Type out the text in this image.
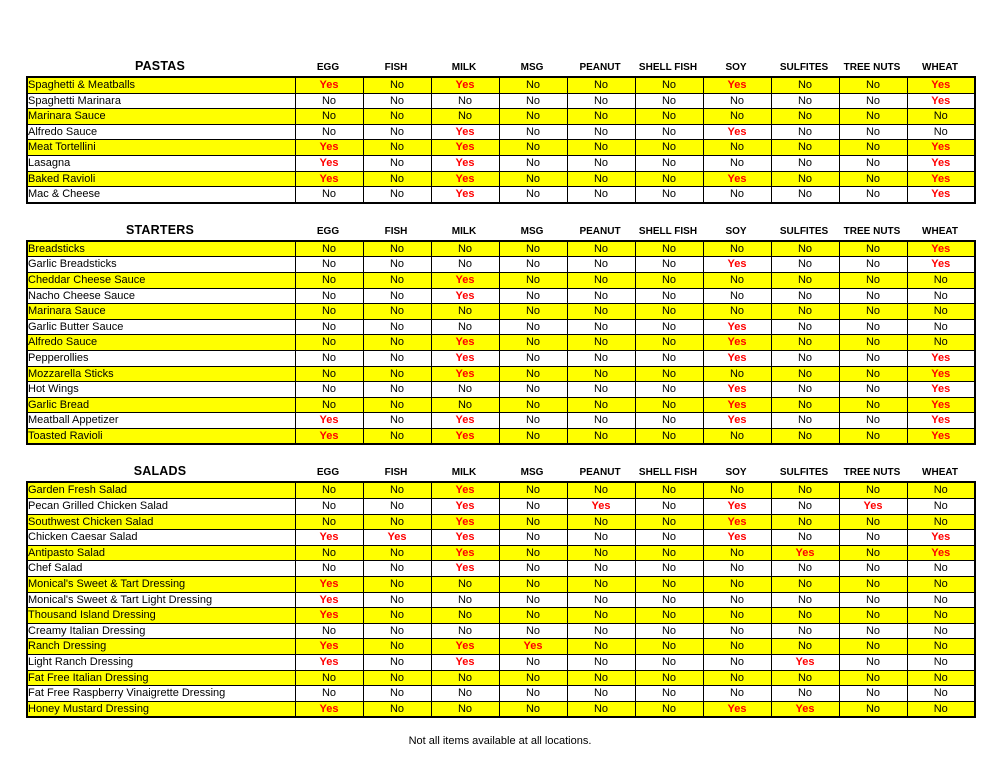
PASTAS	EGG	FISH	MILK	MSG	PEANUT	SHELL FISH	SOY	SULFITES	TREE NUTS	WHEAT
Spaghetti & Meatballs	Yes	No	Yes	No	No	No	Yes	No	No	Yes
Spaghetti Marinara	No	No	No	No	No	No	No	No	No	Yes
Marinara Sauce	No	No	No	No	No	No	No	No	No	No
Alfredo Sauce	No	No	Yes	No	No	No	Yes	No	No	No
Meat Tortellini	Yes	No	Yes	No	No	No	No	No	No	Yes
Lasagna	Yes	No	Yes	No	No	No	No	No	No	Yes
Baked Ravioli	Yes	No	Yes	No	No	No	Yes	No	No	Yes
Mac & Cheese	No	No	Yes	No	No	No	No	No	No	Yes
STARTERS	EGG	FISH	MILK	MSG	PEANUT	SHELL FISH	SOY	SULFITES	TREE NUTS	WHEAT
Breadsticks	No	No	No	No	No	No	No	No	No	Yes
Garlic Breadsticks	No	No	No	No	No	No	Yes	No	No	Yes
Cheddar Cheese Sauce	No	No	Yes	No	No	No	No	No	No	No
Nacho Cheese Sauce	No	No	Yes	No	No	No	No	No	No	No
Marinara Sauce	No	No	No	No	No	No	No	No	No	No
Garlic Butter Sauce	No	No	No	No	No	No	Yes	No	No	No
Alfredo Sauce	No	No	Yes	No	No	No	Yes	No	No	No
Pepperollies	No	No	Yes	No	No	No	Yes	No	No	Yes
Mozzarella Sticks	No	No	Yes	No	No	No	No	No	No	Yes
Hot Wings	No	No	No	No	No	No	Yes	No	No	Yes
Garlic Bread	No	No	No	No	No	No	Yes	No	No	Yes
Meatball Appetizer	Yes	No	Yes	No	No	No	Yes	No	No	Yes
Toasted Ravioli	Yes	No	Yes	No	No	No	No	No	No	Yes
SALADS	EGG	FISH	MILK	MSG	PEANUT	SHELL FISH	SOY	SULFITES	TREE NUTS	WHEAT
Garden Fresh Salad	No	No	Yes	No	No	No	No	No	No	No
Pecan Grilled Chicken Salad	No	No	Yes	No	Yes	No	Yes	No	Yes	No
Southwest Chicken Salad	No	No	Yes	No	No	No	Yes	No	No	No
Chicken Caesar Salad	Yes	Yes	Yes	No	No	No	Yes	No	No	Yes
Antipasto Salad	No	No	Yes	No	No	No	No	Yes	No	Yes
Chef Salad	No	No	Yes	No	No	No	No	No	No	No
Monical's Sweet & Tart Dressing	Yes	No	No	No	No	No	No	No	No	No
Monical's Sweet & Tart Light Dressing	Yes	No	No	No	No	No	No	No	No	No
Thousand Island Dressing	Yes	No	No	No	No	No	No	No	No	No
Creamy Italian Dressing	No	No	No	No	No	No	No	No	No	No
Ranch Dressing	Yes	No	Yes	Yes	No	No	No	No	No	No
Light Ranch Dressing	Yes	No	Yes	No	No	No	No	Yes	No	No
Fat Free Italian Dressing	No	No	No	No	No	No	No	No	No	No
Fat Free Raspberry Vinaigrette Dressing	No	No	No	No	No	No	No	No	No	No
Honey Mustard Dressing	Yes	No	No	No	No	No	Yes	Yes	No	No
Not all items available at all locations.
